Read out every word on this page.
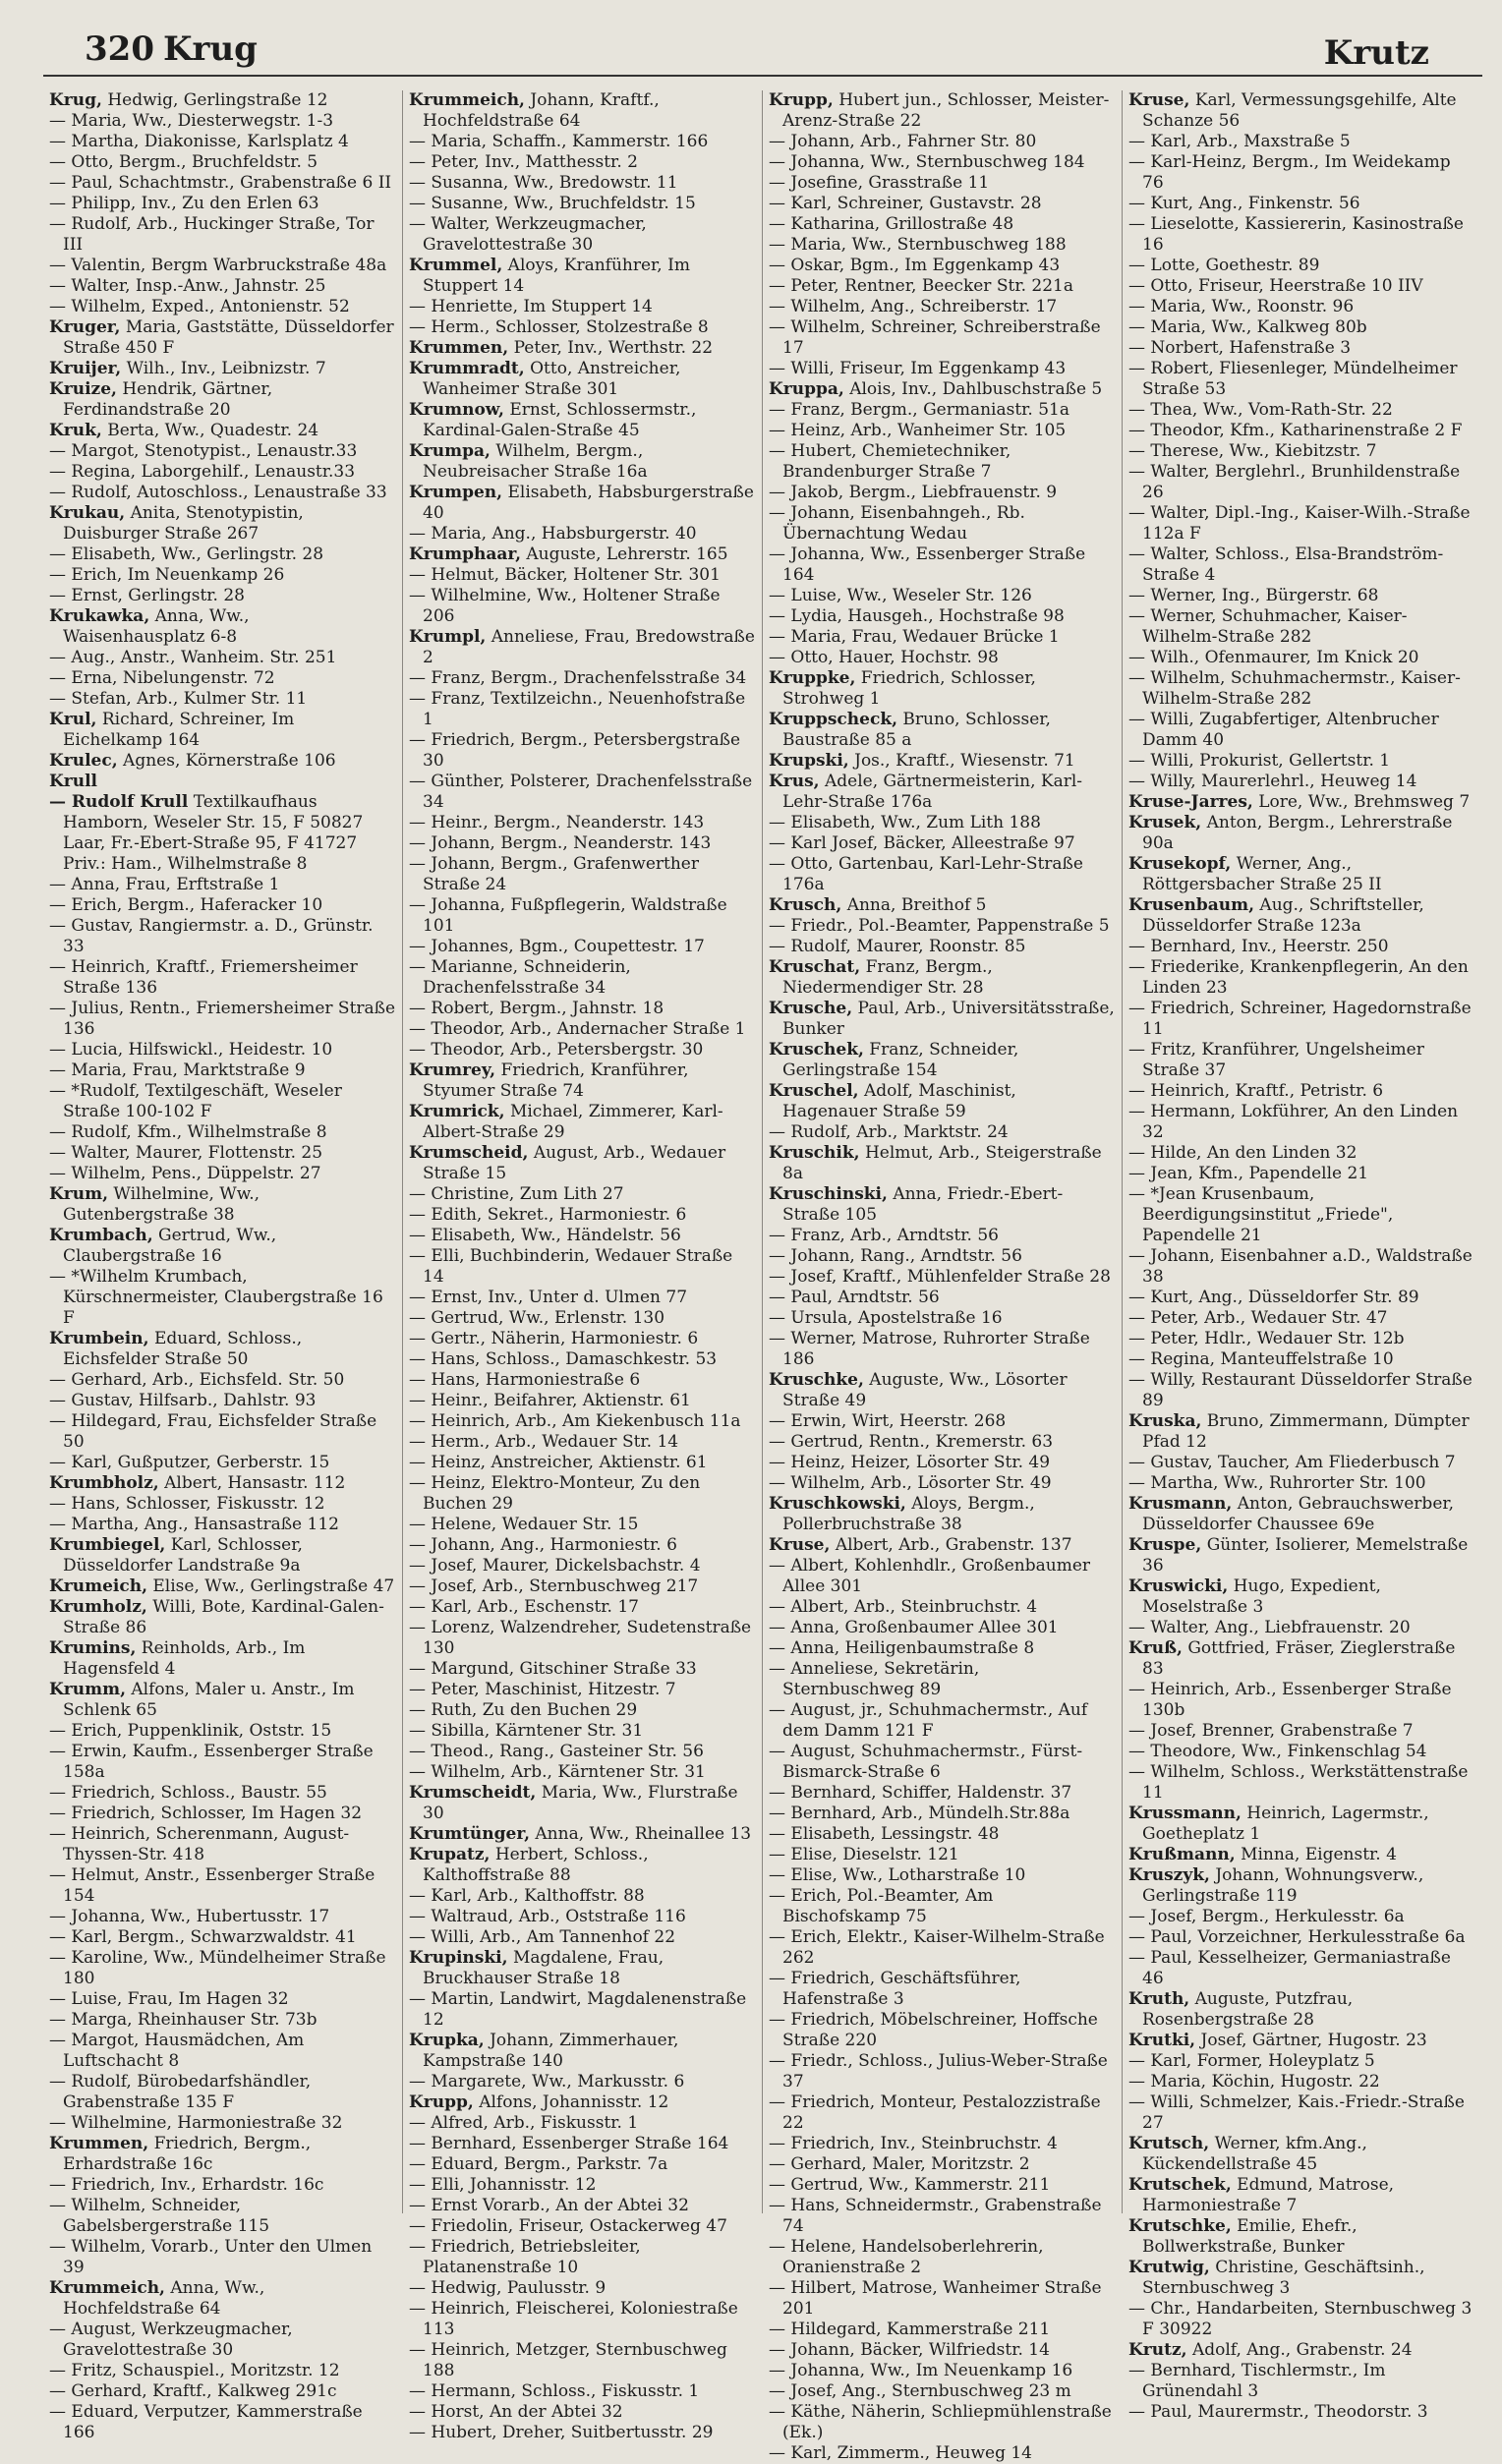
320 Krug	Krutz

Krug, Hedwig, Gerlingstraße 12

— Maria, Ww., Diesterwegstr. 1-3

— Martha, Diakonisse, Karlsplatz 4

— Otto, Bergm., Bruchfeldstr. 5

— Paul, Schachtmstr., Grabenstraße 6 II

— Philipp, Inv., Zu den Erlen 63

— Rudolf, Arb., Huckinger Straße, Tor III

— Valentin, Bergm Warbruckstraße 48a

— Walter, Insp.-Anw., Jahnstr. 25

— Wilhelm, Exped., Antonienstr. 52

Kruger, Maria, Gaststätte, Düsseldorfer Straße 450 F

Kruijer, Wilh., Inv., Leibnizstr. 7

Kruize, Hendrik, Gärtner, Ferdinandstraße 20

Kruk, Berta, Ww., Quadestr. 24

— Margot, Stenotypist., Lenaustr.33

— Regina, Laborgehilf., Lenaustr.33

— Rudolf, Autoschloss., Lenaustraße 33

Krukau, Anita, Stenotypistin, Duisburger Straße 267

— Elisabeth, Ww., Gerlingstr. 28

— Erich, Im Neuenkamp 26

— Ernst, Gerlingstr. 28

Krukawka, Anna, Ww., Waisenhausplatz 6-8

— Aug., Anstr., Wanheim. Str. 251

— Erna, Nibelungenstr. 72

— Stefan, Arb., Kulmer Str. 11

Krul, Richard, Schreiner, Im Eichelkamp 164

Krulec, Agnes, Körnerstraße 106

Krull

— Rudolf Krull Textilkaufhaus Hamborn, Weseler Str. 15, F 50827 Laar, Fr.-Ebert-Straße 95, F 41727 Priv.: Ham., Wilhelmstraße 8

— Anna, Frau, Erftstraße 1

— Erich, Bergm., Haferacker 10

— Gustav, Rangiermstr. a. D., Grünstr. 33

— Heinrich, Kraftf., Friemersheimer Straße 136

— Julius, Rentn., Friemersheimer Straße 136

— Lucia, Hilfswickl., Heidestr. 10

— Maria, Frau, Marktstraße 9

— *Rudolf, Textilgeschäft, Weseler Straße 100-102 F

— Rudolf, Kfm., Wilhelmstraße 8

— Walter, Maurer, Flottenstr. 25

— Wilhelm, Pens., Düppelstr. 27

Krum, Wilhelmine, Ww., Gutenbergstraße 38

Krumbach, Gertrud, Ww., Claubergstraße 16

— *Wilhelm Krumbach, Kürschnermeister, Claubergstraße 16 F

Krumbein, Eduard, Schloss., Eichsfelder Straße 50

— Gerhard, Arb., Eichsfeld. Str. 50

— Gustav, Hilfsarb., Dahlstr. 93

— Hildegard, Frau, Eichsfelder Straße 50

— Karl, Gußputzer, Gerberstr. 15

Krumbholz, Albert, Hansastr. 112

— Hans, Schlosser, Fiskusstr. 12

— Martha, Ang., Hansastraße 112

Krumbiegel, Karl, Schlosser, Düsseldorfer Landstraße 9a

Krumeich, Elise, Ww., Gerlingstraße 47

Krumholz, Willi, Bote, Kardinal-Galen-Straße 86

Krumins, Reinholds, Arb., Im Hagensfeld 4

Krumm, Alfons, Maler u. Anstr., Im Schlenk 65

— Erich, Puppenklinik, Oststr. 15

— Erwin, Kaufm., Essenberger Straße 158a

— Friedrich, Schloss., Baustr. 55

— Friedrich, Schlosser, Im Hagen 32

— Heinrich, Scherenmann, August-Thyssen-Str. 418

— Helmut, Anstr., Essenberger Straße 154

— Johanna, Ww., Hubertusstr. 17

— Karl, Bergm., Schwarzwaldstr. 41

— Karoline, Ww., Mündelheimer Straße 180

— Luise, Frau, Im Hagen 32

— Marga, Rheinhauser Str. 73b

— Margot, Hausmädchen, Am Luftschacht 8

— Rudolf, Bürobedarfshändler, Grabenstraße 135 F

— Wilhelmine, Harmoniestraße 32

Krummen, Friedrich, Bergm., Erhardstraße 16c

— Friedrich, Inv., Erhardstr. 16c

— Wilhelm, Schneider, Gabelsbergerstraße 115

— Wilhelm, Vorarb., Unter den Ulmen 39

Krummeich, Anna, Ww., Hochfeldstraße 64

— August, Werkzeugmacher, Gravelottestraße 30

— Fritz, Schauspiel., Moritzstr. 12

— Gerhard, Kraftf., Kalkweg 291c

— Eduard, Verputzer, Kammerstraße 166

Krummeich, Johann, Kraftf., Hochfeldstraße 64

— Maria, Schaffn., Kammerstr. 166

— Peter, Inv., Matthesstr. 2

— Susanna, Ww., Bredowstr. 11

— Susanne, Ww., Bruchfeldstr. 15

— Walter, Werkzeugmacher, Gravelottestraße 30

Krummel, Aloys, Kranführer, Im Stuppert 14

— Henriette, Im Stuppert 14

— Herm., Schlosser, Stolzestraße 8

Krummen, Peter, Inv., Werthstr. 22

Krummradt, Otto, Anstreicher, Wanheimer Straße 301

Krumnow, Ernst, Schlossermstr., Kardinal-Galen-Straße 45

Krumpa, Wilhelm, Bergm., Neubreisacher Straße 16a

Krumpen, Elisabeth, Habsburgerstraße 40

— Maria, Ang., Habsburgerstr. 40

Krumphaar, Auguste, Lehrerstr. 165

— Helmut, Bäcker, Holtener Str. 301

— Wilhelmine, Ww., Holtener Straße 206

Krumpl, Anneliese, Frau, Bredowstraße 2

— Franz, Bergm., Drachenfelsstraße 34

— Franz, Textilzeichn., Neuenhofstraße 1

— Friedrich, Bergm., Petersbergstraße 30

— Günther, Polsterer, Drachenfelsstraße 34

— Heinr., Bergm., Neanderstr. 143

— Johann, Bergm., Neanderstr. 143

— Johann, Bergm., Grafenwerther Straße 24

— Johanna, Fußpflegerin, Waldstraße 101

— Johannes, Bgm., Coupettestr. 17

— Marianne, Schneiderin, Drachenfelsstraße 34

— Robert, Bergm., Jahnstr. 18

— Theodor, Arb., Andernacher Straße 1

— Theodor, Arb., Petersbergstr. 30

Krumrey, Friedrich, Kranführer, Styumer Straße 74

Krumrick, Michael, Zimmerer, Karl-Albert-Straße 29

Krumscheid, August, Arb., Wedauer Straße 15

— Christine, Zum Lith 27

— Edith, Sekret., Harmoniestr. 6

— Elisabeth, Ww., Händelstr. 56

— Elli, Buchbinderin, Wedauer Straße 14

— Ernst, Inv., Unter d. Ulmen 77

— Gertrud, Ww., Erlenstr. 130

— Gertr., Näherin, Harmoniestr. 6

— Hans, Schloss., Damaschkestr. 53

— Hans, Harmoniestraße 6

— Heinr., Beifahrer, Aktienstr. 61

— Heinrich, Arb., Am Kiekenbusch 11a

— Herm., Arb., Wedauer Str. 14

— Heinz, Anstreicher, Aktienstr. 61

— Heinz, Elektro-Monteur, Zu den Buchen 29

— Helene, Wedauer Str. 15

— Johann, Ang., Harmoniestr. 6

— Josef, Maurer, Dickelsbachstr. 4

— Josef, Arb., Sternbuschweg 217

— Karl, Arb., Eschenstr. 17

— Lorenz, Walzendreher, Sudetenstraße 130

— Margund, Gitschiner Straße 33

— Peter, Maschinist, Hitzestr. 7

— Ruth, Zu den Buchen 29

— Sibilla, Kärntener Str. 31

— Theod., Rang., Gasteiner Str. 56

— Wilhelm, Arb., Kärntener Str. 31

Krumscheidt, Maria, Ww., Flurstraße 30

Krumtünger, Anna, Ww., Rheinallee 13

Krupatz, Herbert, Schloss., Kalthoffstraße 88

— Karl, Arb., Kalthoffstr. 88

— Waltraud, Arb., Oststraße 116

— Willi, Arb., Am Tannenhof 22

Krupinski, Magdalene, Frau, Bruckhauser Straße 18

— Martin, Landwirt, Magdalenenstraße 12

Krupka, Johann, Zimmerhauer, Kampstraße 140

— Margarete, Ww., Markusstr. 6

Krupp, Alfons, Johannisstr. 12

— Alfred, Arb., Fiskusstr. 1

— Bernhard, Essenberger Straße 164

— Eduard, Bergm., Parkstr. 7a

— Elli, Johannisstr. 12

— Ernst Vorarb., An der Abtei 32

— Friedolin, Friseur, Ostackerweg 47

— Friedrich, Betriebsleiter, Platanenstraße 10

— Hedwig, Paulusstr. 9

— Heinrich, Fleischerei, Koloniestraße 113

— Heinrich, Metzger, Sternbuschweg 188

— Hermann, Schloss., Fiskusstr. 1

— Horst, An der Abtei 32

— Hubert, Dreher, Suitbertusstr. 29

Krupp, Hubert jun., Schlosser, Meister-Arenz-Straße 22

— Johann, Arb., Fahrner Str. 80

— Johanna, Ww., Sternbuschweg 184

— Josefine, Grasstraße 11

— Karl, Schreiner, Gustavstr. 28

— Katharina, Grillostraße 48

— Maria, Ww., Sternbuschweg 188

— Oskar, Bgm., Im Eggenkamp 43

— Peter, Rentner, Beecker Str. 221a

— Wilhelm, Ang., Schreiberstr. 17

— Wilhelm, Schreiner, Schreiberstraße 17

— Willi, Friseur, Im Eggenkamp 43

Kruppa, Alois, Inv., Dahlbuschstraße 5

— Franz, Bergm., Germaniastr. 51a

— Heinz, Arb., Wanheimer Str. 105

— Hubert, Chemietechniker, Brandenburger Straße 7

— Jakob, Bergm., Liebfrauenstr. 9

— Johann, Eisenbahngeh., Rb. Übernachtung Wedau

— Johanna, Ww., Essenberger Straße 164

— Luise, Ww., Weseler Str. 126

— Lydia, Hausgeh., Hochstraße 98

— Maria, Frau, Wedauer Brücke 1

— Otto, Hauer, Hochstr. 98

Kruppke, Friedrich, Schlosser, Strohweg 1

Kruppscheck, Bruno, Schlosser, Baustraße 85 a

Krupski, Jos., Kraftf., Wiesenstr. 71

Krus, Adele, Gärtnermeisterin, Karl-Lehr-Straße 176a

— Elisabeth, Ww., Zum Lith 188

— Karl Josef, Bäcker, Alleestraße 97

— Otto, Gartenbau, Karl-Lehr-Straße 176a

Krusch, Anna, Breithof 5

— Friedr., Pol.-Beamter, Pappenstraße 5

— Rudolf, Maurer, Roonstr. 85

Kruschat, Franz, Bergm., Niedermendiger Str. 28

Krusche, Paul, Arb., Universitätsstraße, Bunker

Kruschek, Franz, Schneider, Gerlingstraße 154

Kruschel, Adolf, Maschinist, Hagenauer Straße 59

— Rudolf, Arb., Marktstr. 24

Kruschik, Helmut, Arb., Steigerstraße 8a

Kruschinski, Anna, Friedr.-Ebert-Straße 105

— Franz, Arb., Arndtstr. 56

— Johann, Rang., Arndtstr. 56

— Josef, Kraftf., Mühlenfelder Straße 28

— Paul, Arndtstr. 56

— Ursula, Apostelstraße 16

— Werner, Matrose, Ruhrorter Straße 186

Kruschke, Auguste, Ww., Lösorter Straße 49

— Erwin, Wirt, Heerstr. 268

— Gertrud, Rentn., Kremerstr. 63

— Heinz, Heizer, Lösorter Str. 49

— Wilhelm, Arb., Lösorter Str. 49

Kruschkowski, Aloys, Bergm., Pollerbruchstraße 38

Kruse, Albert, Arb., Grabenstr. 137

— Albert, Kohlenhdlr., Großenbaumer Allee 301

— Albert, Arb., Steinbruchstr. 4

— Anna, Großenbaumer Allee 301

— Anna, Heiligenbaumstraße 8

— Anneliese, Sekretärin, Sternbuschweg 89

— August, jr., Schuhmachermstr., Auf dem Damm 121 F

— August, Schuhmachermstr., Fürst-Bismarck-Straße 6

— Bernhard, Schiffer, Haldenstr. 37

— Bernhard, Arb., Mündelh.Str.88a

— Elisabeth, Lessingstr. 48

— Elise, Dieselstr. 121

— Elise, Ww., Lotharstraße 10

— Erich, Pol.-Beamter, Am Bischofskamp 75

— Erich, Elektr., Kaiser-Wilhelm-Straße 262

— Friedrich, Geschäftsführer, Hafenstraße 3

— Friedrich, Möbelschreiner, Hoffsche Straße 220

— Friedr., Schloss., Julius-Weber-Straße 37

— Friedrich, Monteur, Pestalozzistraße 22

— Friedrich, Inv., Steinbruchstr. 4

— Gerhard, Maler, Moritzstr. 2

— Gertrud, Ww., Kammerstr. 211

— Hans, Schneidermstr., Grabenstraße 74

— Helene, Handelsoberlehrerin, Oranienstraße 2

— Hilbert, Matrose, Wanheimer Straße 201

— Hildegard, Kammerstraße 211

— Johann, Bäcker, Wilfriedstr. 14

— Johanna, Ww., Im Neuenkamp 16

— Josef, Ang., Sternbuschweg 23 m

— Käthe, Näherin, Schliepmühlenstraße (Ek.)

— Karl, Zimmerm., Heuweg 14

Kruse, Karl, Vermessungsgehilfe, Alte Schanze 56

— Karl, Arb., Maxstraße 5

— Karl-Heinz, Bergm., Im Weidekamp 76

— Kurt, Ang., Finkenstr. 56

— Lieselotte, Kassiererin, Kasinostraße 16

— Lotte, Goethestr. 89

— Otto, Friseur, Heerstraße 10 IIV

— Maria, Ww., Roonstr. 96

— Maria, Ww., Kalkweg 80b

— Norbert, Hafenstraße 3

— Robert, Fliesenleger, Mündelheimer Straße 53

— Thea, Ww., Vom-Rath-Str. 22

— Theodor, Kfm., Katharinenstraße 2 F

— Therese, Ww., Kiebitzstr. 7

— Walter, Berglehrl., Brunhildenstraße 26

— Walter, Dipl.-Ing., Kaiser-Wilh.-Straße 112a F

— Walter, Schloss., Elsa-Brandström-Straße 4

— Werner, Ing., Bürgerstr. 68

— Werner, Schuhmacher, Kaiser-Wilhelm-Straße 282

— Wilh., Ofenmaurer, Im Knick 20

— Wilhelm, Schuhmachermstr., Kaiser-Wilhelm-Straße 282

— Willi, Zugabfertiger, Altenbrucher Damm 40

— Willi, Prokurist, Gellertstr. 1

— Willy, Maurerlehrl., Heuweg 14

Kruse-Jarres, Lore, Ww., Brehmsweg 7

Krusek, Anton, Bergm., Lehrerstraße 90a

Krusekopf, Werner, Ang., Röttgersbacher Straße 25 II

Krusenbaum, Aug., Schriftsteller, Düsseldorfer Straße 123a

— Bernhard, Inv., Heerstr. 250

— Friederike, Krankenpflegerin, An den Linden 23

— Friedrich, Schreiner, Hagedornstraße 11

— Fritz, Kranführer, Ungelsheimer Straße 37

— Heinrich, Kraftf., Petristr. 6

— Hermann, Lokführer, An den Linden 32

— Hilde, An den Linden 32

— Jean, Kfm., Papendelle 21

— *Jean Krusenbaum, Beerdigungsinstitut „Friede", Papendelle 21

— Johann, Eisenbahner a.D., Waldstraße 38

— Kurt, Ang., Düsseldorfer Str. 89

— Peter, Arb., Wedauer Str. 47

— Peter, Hdlr., Wedauer Str. 12b

— Regina, Manteuffelstraße 10

— Willy, Restaurant Düsseldorfer Straße 89

Kruska, Bruno, Zimmermann, Dümpter Pfad 12

— Gustav, Taucher, Am Fliederbusch 7

— Martha, Ww., Ruhrorter Str. 100

Krusmann, Anton, Gebrauchswerber, Düsseldorfer Chaussee 69e

Kruspe, Günter, Isolierer, Memelstraße 36

Kruswicki, Hugo, Expedient, Moselstraße 3

— Walter, Ang., Liebfrauenstr. 20

Kruß, Gottfried, Fräser, Zieglerstraße 83

— Heinrich, Arb., Essenberger Straße 130b

— Josef, Brenner, Grabenstraße 7

— Theodore, Ww., Finkenschlag 54

— Wilhelm, Schloss., Werkstättenstraße 11

Krussmann, Heinrich, Lagermstr., Goetheplatz 1

Krußmann, Minna, Eigenstr. 4

Kruszyk, Johann, Wohnungsverw., Gerlingstraße 119

— Josef, Bergm., Herkulesstr. 6a

— Paul, Vorzeichner, Herkulesstraße 6a

— Paul, Kesselheizer, Germaniastraße 46

Kruth, Auguste, Putzfrau, Rosenbergstraße 28

Krutki, Josef, Gärtner, Hugostr. 23

— Karl, Former, Holeyplatz 5

— Maria, Köchin, Hugostr. 22

— Willi, Schmelzer, Kais.-Friedr.-Straße 27

Krutsch, Werner, kfm.Ang., Kückendellstraße 45

Krutschek, Edmund, Matrose, Harmoniestraße 7

Krutschke, Emilie, Ehefr., Bollwerkstraße, Bunker

Krutwig, Christine, Geschäftsinh., Sternbuschweg 3

— Chr., Handarbeiten, Sternbuschweg 3 F 30922

Krutz, Adolf, Ang., Grabenstr. 24

— Bernhard, Tischlermstr., Im Grünendahl 3

— Paul, Maurermstr., Theodorstr. 3
